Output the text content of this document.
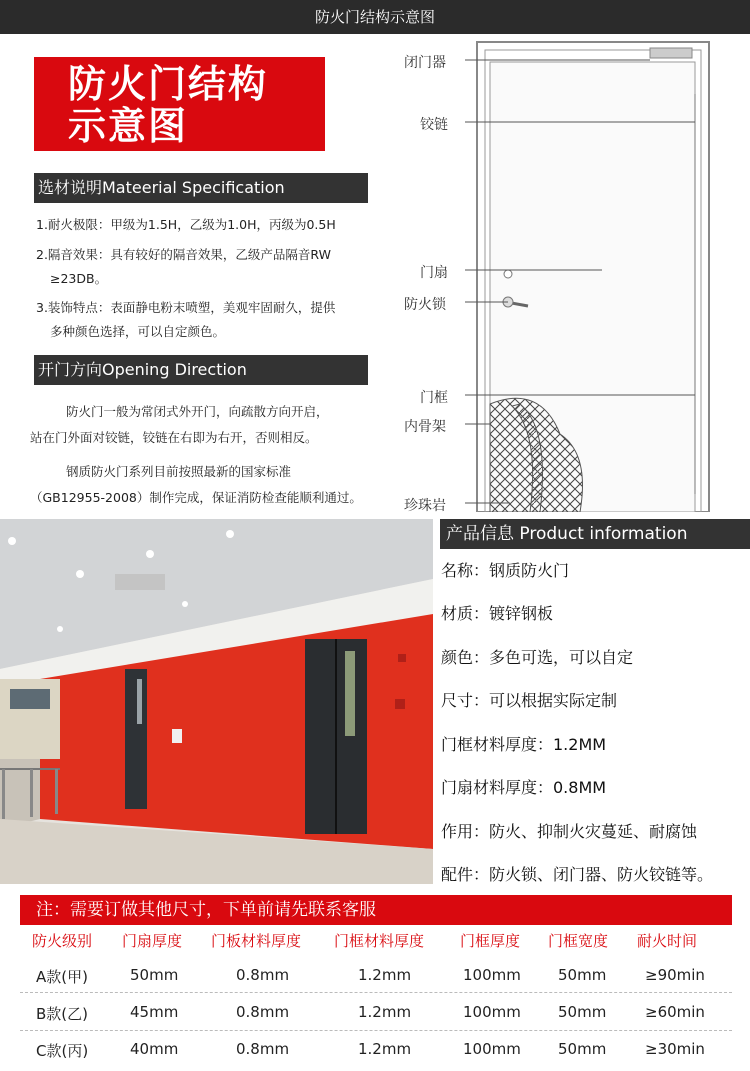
防火门结构示意图
防火门结构
示意图
选材说明Mateerial Specification
1.耐火极限：甲级为1.5H，乙级为1.0H，丙级为0.5H
2.隔音效果：具有较好的隔音效果，乙级产品隔音RW
≥23DB。
3.装饰特点：表面静电粉末喷塑，美观牢固耐久，提供
多种颜色选择，可以自定颜色。
开门方向Opening Direction
防火门一般为常闭式外开门，向疏散方向开启，
站在门外面对铰链，铰链在右即为右开，否则相反。
钢质防火门系列目前按照最新的国家标准
（GB12955-2008）制作完成，保证消防检查能顺利通过。
闭门器
铰链
门扇
防火锁
门框
内骨架
珍珠岩
产品信息 Product information
名称：钢质防火门
材质：镀锌钢板
颜色：多色可选，可以自定
尺寸：可以根据实际定制
门框材料厚度：1.2MM
门扇材料厚度：0.8MM
作用：防火、抑制火灾蔓延、耐腐蚀
配件：防火锁、闭门器、防火铰链等。
注：需要订做其他尺寸，下单前请先联系客服
防火级别 门扇厚度 门板材料厚度 门框材料厚度 门框厚度 门框宽度 耐火时间
A款(甲)	50mm	0.8mm	1.2mm	100mm 50mm	≥90min
B款(乙)	45mm	0.8mm	1.2mm	100mm 50mm	≥60min
C款(丙)	40mm	0.8mm	1.2mm	100mm 50mm	≥30min
